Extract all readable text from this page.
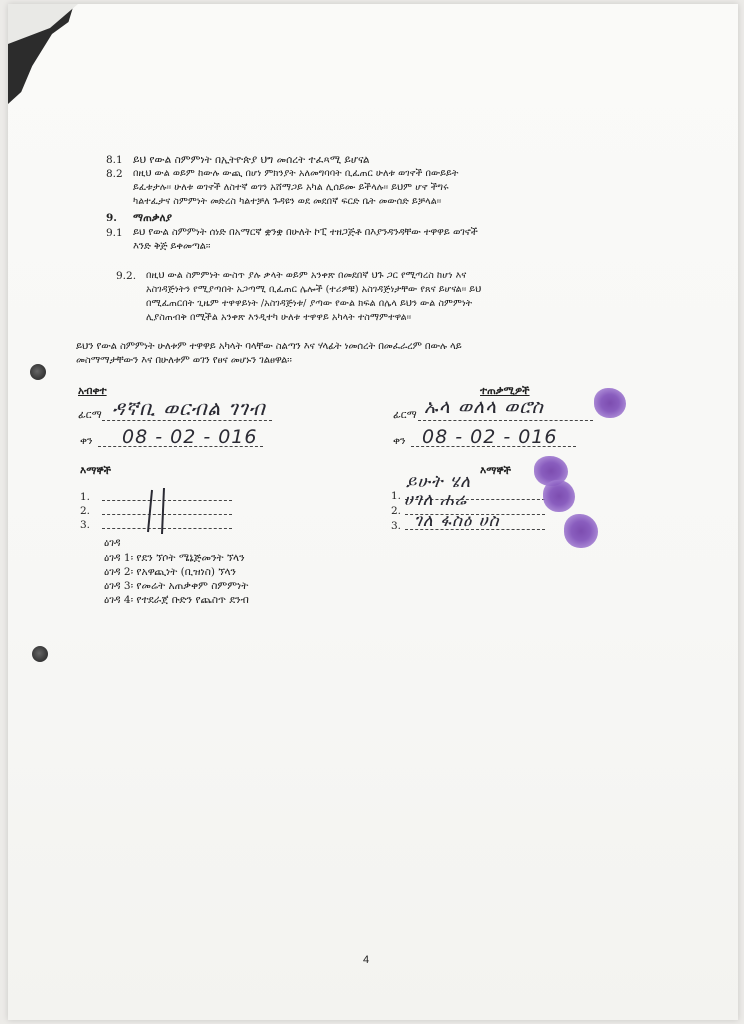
8.1 ይህ የውል ስምምነት በኢትዮጵያ ህግ መሰረት ተፈጻሚ ይሆናል
8.2 በዚህ ውል ወይም ከውሉ ውጪ በሆነ ምክንያት አለመግባባት ቢፈጠር ሁለቱ ወገኖች በውይይት
ይፈቱታሉ፡፡ ሁለቱ ወገኖች ለስተኛ ወገን አሸማጋይ አካል ሊሰይሙ ይችላሉ፡፡ ይህም ሆኖ ችግሩ
ካልተፈታና ስምምነት መድረስ ካልተቻለ ጉዳዩን ወደ መደበኛ ፍርድ ቤት መውሰድ ይቻላል፡፡
9. ማጠቃለያ
9.1 ይህ የውል ስምምነት ሰነድ በአማርኛ ቋንቋ በሁለት ኮፒ ተዘጋጅቶ በእያንዳንዳቸው ተዋዋይ ወገኖች
እንድ ቅጅ ይቀመጣል፡፡
9.2. በዚህ ውል ስምምነት ውስጥ ያሉ ቃላት ወይም አንቀጽ በመደበኛ ህጉ ጋር የሚጣረስ ከሆነ እና
አስገዳጅነትን የሚያጣበት አጋጣሚ ቢፈጠር ሌሎች (ተሪዎቹ) አስገዳጅነታቸው የጸና ይሆናል፡፡ ይህ
በሚፈጠርበት ጊዜም ተዋዋይነት /አስገዳጅነቱ/ ያጣው የውል ክፍል በሌላ ይህን ውል ስምምነት
ሊያስጠብቅ በሚችል አንቀጽ እንዲተካ ሁለቱ ተዋዋይ አካላት ተስማምተዋል፡፡
ይህን የውል ስምምነት ሁለቱም ተዋዋይ አካላት ባላቸው ስልጣን እና ሃላፊት ነመሰረት በመፈራረም በውሉ ላይ
መስማማታቸውን እና በሁለቱም ወገን የፀና መሆኑን ገልፀዋል፡፡
አብቀተ
ፊርማ ዳኛቢ ወርብል ገገብ
ቀን 08 - 02 - 016
ተጠቃሚዎች
ፊርማ ኡላ ወለላ ወሮስ
ቀን 08 - 02 - 016
እማኞች
1.
2.
3.
ዕገዳ
ዕገዳ 1፡ የደን ኘሶት ሜኔጅመንት ኘላን
ዕገዳ 2፡ የአዋጪነት (ቢዝነስ) ኘላን
ዕገዳ 3፡ የመሬት አጠቃቀም ስምምነት
ዕገዳ 4፡ የተደራጀ ቡድን የጨስጥ ደንብ
እማኞች
1.
ይሁት ሄለ
2.
ሀገለ ሐሬ
3. ገለ ፋስዕ ሀስ
4
